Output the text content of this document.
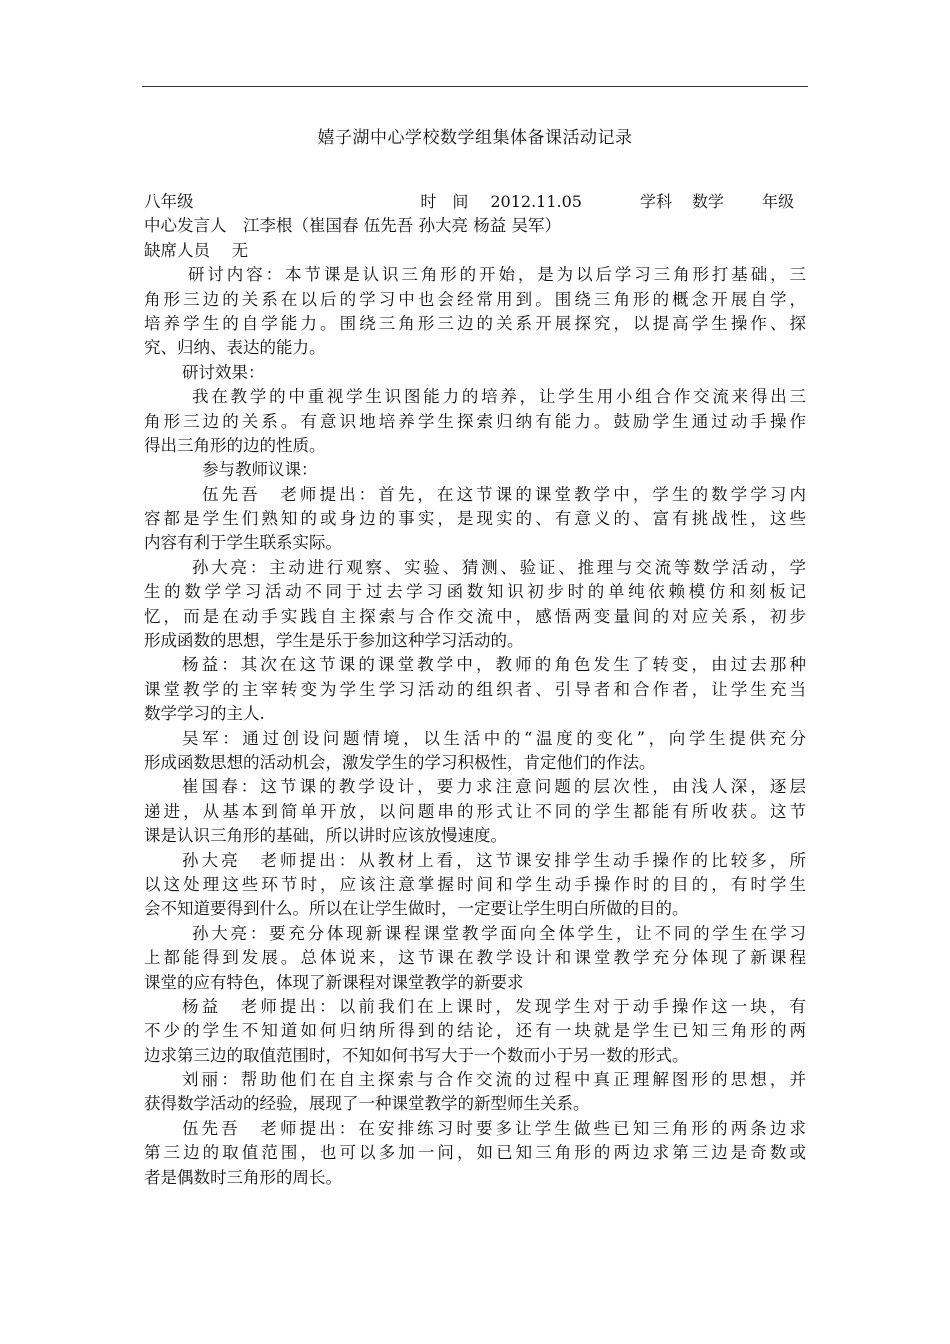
嬉子湖中心学校数学组集体备课活动记录

时　间 2012.11.05	学科 数学 年级

八年级
中心发言人　江李根（崔国春 伍先吾 孙大亮 杨益 吴军）
缺席人员　 无
研讨内容：本节课是认识三角形的开始，是为以后学习三角形打基础，三
角形三边的关系在以后的学习中也会经常用到。围绕三角形的概念开展自学，
培养学生的自学能力。围绕三角形三边的关系开展探究，以提高学生操作、探
究、归纳、表达的能力。
研讨效果：
我在教学的中重视学生识图能力的培养，让学生用小组合作交流来得出三
角形三边的关系。有意识地培养学生探索归纳有能力。鼓励学生通过动手操作
得出三角形的边的性质。
参与教师议课：
伍先吾　老师提出：首先，在这节课的课堂教学中，学生的数学学习内
容都是学生们熟知的或身边的事实，是现实的、有意义的、富有挑战性，这些
内容有利于学生联系实际。
孙大亮：主动进行观察、实验、猜测、验证、推理与交流等数学活动，学
生的数学学习活动不同于过去学习函数知识初步时的单纯依赖模仿和刻板记
忆，而是在动手实践自主探索与合作交流中，感悟两变量间的对应关系，初步
形成函数的思想，学生是乐于参加这种学习活动的。
杨益：其次在这节课的课堂教学中，教师的角色发生了转变，由过去那种
课堂教学的主宰转变为学生学习活动的组织者、引导者和合作者，让学生充当
数学学习的主人.
吴军：通过创设问题情境，以生活中的“温度的变化”，向学生提供充分
形成函数思想的活动机会，激发学生的学习积极性，肯定他们的作法。
崔国春：这节课的教学设计，要力求注意问题的层次性，由浅人深，逐层
递进，从基本到简单开放，以问题串的形式让不同的学生都能有所收获。这节
课是认识三角形的基础，所以讲时应该放慢速度。
孙大亮　老师提出：从教材上看，这节课安排学生动手操作的比较多，所
以这处理这些环节时，应该注意掌握时间和学生动手操作时的目的，有时学生
会不知道要得到什么。所以在让学生做时，一定要让学生明白所做的目的。
孙大亮：要充分体现新课程课堂教学面向全体学生，让不同的学生在学习
上都能得到发展。总体说来，这节课在教学设计和课堂教学充分体现了新课程
课堂的应有特色，体现了新课程对课堂教学的新要求
杨益　老师提出：以前我们在上课时，发现学生对于动手操作这一块，有
不少的学生不知道如何归纳所得到的结论，还有一块就是学生已知三角形的两
边求第三边的取值范围时，不知如何书写大于一个数而小于另一数的形式。
刘丽：帮助他们在自主探索与合作交流的过程中真正理解图形的思想，并
获得数学活动的经验，展现了一种课堂教学的新型师生关系。
伍先吾　老师提出：在安排练习时要多让学生做些已知三角形的两条边求
第三边的取值范围，也可以多加一问，如已知三角形的两边求第三边是奇数或
者是偶数时三角形的周长。
